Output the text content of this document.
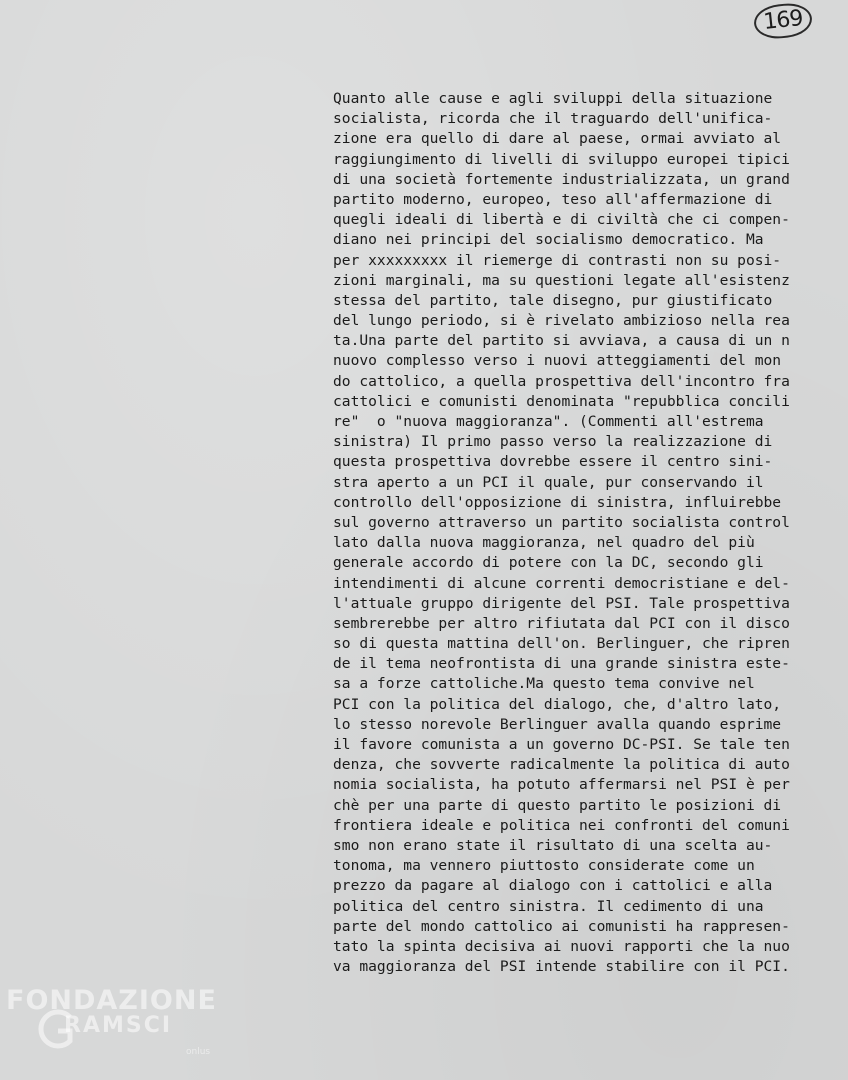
169
Quanto alle cause e agli sviluppi della situazione
socialista, ricorda che il traguardo dell'unifica-
zione era quello di dare al paese, ormai avviato al
raggiungimento di livelli di sviluppo europei tipici
di una società fortemente industrializzata, un grand
partito moderno, europeo, teso all'affermazione di
quegli ideali di libertà e di civiltà che ci compen-
diano nei principi del socialismo democratico. Ma
per xxxxxxxxx il riemerge di contrasti non su posi-
zioni marginali, ma su questioni legate all'esistenz
stessa del partito, tale disegno, pur giustificato
del lungo periodo, si è rivelato ambizioso nella rea
ta.Una parte del partito si avviava, a causa di un n
nuovo complesso verso i nuovi atteggiamenti del mon
do cattolico, a quella prospettiva dell'incontro fra
cattolici e comunisti denominata "repubblica concili
re"  o "nuova maggioranza". (Commenti all'estrema
sinistra) Il primo passo verso la realizzazione di
questa prospettiva dovrebbe essere il centro sini-
stra aperto a un PCI il quale, pur conservando il
controllo dell'opposizione di sinistra, influirebbe
sul governo attraverso un partito socialista control
lato dalla nuova maggioranza, nel quadro del più
generale accordo di potere con la DC, secondo gli
intendimenti di alcune correnti democristiane e del-
l'attuale gruppo dirigente del PSI. Tale prospettiva
sembrerebbe per altro rifiutata dal PCI con il disco
so di questa mattina dell'on. Berlinguer, che ripren
de il tema neofrontista di una grande sinistra este-
sa a forze cattoliche.Ma questo tema convive nel
PCI con la politica del dialogo, che, d'altro lato,
lo stesso norevole Berlinguer avalla quando esprime
il favore comunista a un governo DC-PSI. Se tale ten
denza, che sovverte radicalmente la politica di auto
nomia socialista, ha potuto affermarsi nel PSI è per
chè per una parte di questo partito le posizioni di
frontiera ideale e politica nei confronti del comuni
smo non erano state il risultato di una scelta au-
tonoma, ma vennero piuttosto considerate come un
prezzo da pagare al dialogo con i cattolici e alla
politica del centro sinistra. Il cedimento di una
parte del mondo cattolico ai comunisti ha rappresen-
tato la spinta decisiva ai nuovi rapporti che la nuo
va maggioranza del PSI intende stabilire con il PCI.
FONDAZIONE
RAMSCI
onlus
